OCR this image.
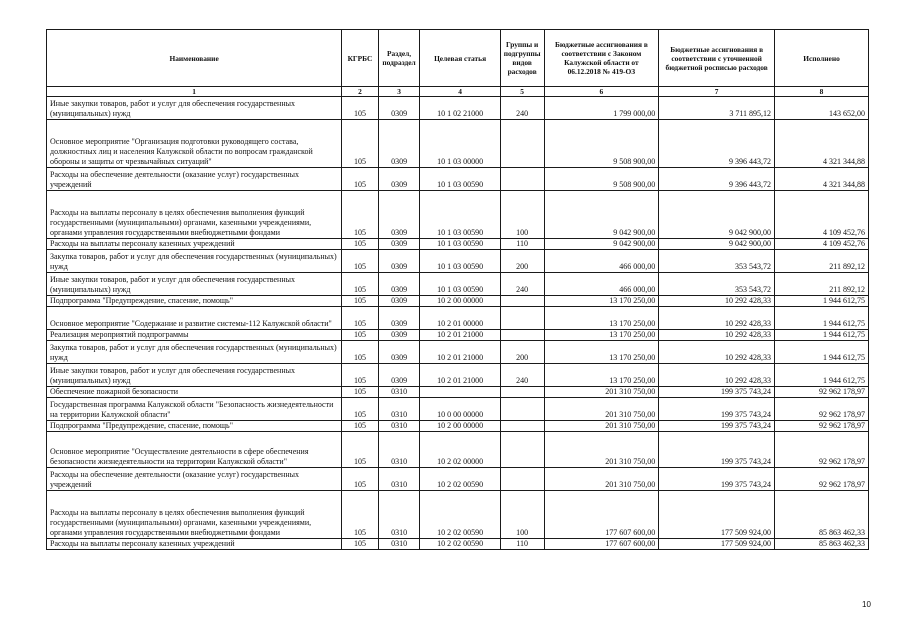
Наименование	КГРБС	Раздел, подраздел	Целевая статья	Группы и подгруппы видов расходов	Бюджетные ассигнования в соответствии с Законом Калужской области от 06.12.2018 № 419-ОЗ	Бюджетные ассигнования в соответствии с уточненной бюджетной росписью расходов	Исполнено
1	2	3	4	5	6	7	8
Иные закупки товаров, работ и услуг для обеспечения государственных (муниципальных) нужд	105	0309	10 1 02 21000	240	1 799 000,00	3 711 895,12	143 652,00
Основное мероприятие "Организация подготовки руководящего состава, должностных лиц и населения Калужской области по вопросам гражданской обороны и защиты от чрезвычайных ситуаций"	105	0309	10 1 03 00000		9 508 900,00	9 396 443,72	4 321 344,88
Расходы на обеспечение деятельности (оказание услуг) государственных учреждений	105	0309	10 1 03 00590		9 508 900,00	9 396 443,72	4 321 344,88
Расходы на выплаты персоналу в целях обеспечения выполнения функций государственными (муниципальными) органами, казенными учреждениями, органами управления государственными внебюджетными фондами	105	0309	10 1 03 00590	100	9 042 900,00	9 042 900,00	4 109 452,76
Расходы на выплаты персоналу казенных учреждений	105	0309	10 1 03 00590	110	9 042 900,00	9 042 900,00	4 109 452,76
Закупка товаров, работ и услуг для обеспечения государственных (муниципальных) нужд	105	0309	10 1 03 00590	200	466 000,00	353 543,72	211 892,12
Иные закупки товаров, работ и услуг для обеспечения государственных (муниципальных) нужд	105	0309	10 1 03 00590	240	466 000,00	353 543,72	211 892,12
Подпрограмма "Предупреждение, спасение, помощь"	105	0309	10 2 00 00000		13 170 250,00	10 292 428,33	1 944 612,75
Основное мероприятие "Содержание и развитие системы-112 Калужской области"	105	0309	10 2 01 00000		13 170 250,00	10 292 428,33	1 944 612,75
Реализация мероприятий подпрограммы	105	0309	10 2 01 21000		13 170 250,00	10 292 428,33	1 944 612,75
Закупка товаров, работ и услуг для обеспечения государственных (муниципальных) нужд	105	0309	10 2 01 21000	200	13 170 250,00	10 292 428,33	1 944 612,75
Иные закупки товаров, работ и услуг для обеспечения государственных (муниципальных) нужд	105	0309	10 2 01 21000	240	13 170 250,00	10 292 428,33	1 944 612,75
Обеспечение пожарной безопасности	105	0310			201 310 750,00	199 375 743,24	92 962 178,97
Государственная программа Калужской области "Безопасность жизнедеятельности на территории Калужской области"	105	0310	10 0 00 00000		201 310 750,00	199 375 743,24	92 962 178,97
Подпрограмма "Предупреждение, спасение, помощь"	105	0310	10 2 00 00000		201 310 750,00	199 375 743,24	92 962 178,97
Основное мероприятие "Осуществление деятельности в сфере обеспечения безопасности жизнедеятельности на территории Калужской области"	105	0310	10 2 02 00000		201 310 750,00	199 375 743,24	92 962 178,97
Расходы на обеспечение деятельности (оказание услуг) государственных учреждений	105	0310	10 2 02 00590		201 310 750,00	199 375 743,24	92 962 178,97
Расходы на выплаты персоналу в целях обеспечения выполнения функций государственными (муниципальными) органами, казенными учреждениями, органами управления государственными внебюджетными фондами	105	0310	10 2 02 00590	100	177 607 600,00	177 509 924,00	85 863 462,33
Расходы на выплаты персоналу казенных учреждений	105	0310	10 2 02 00590	110	177 607 600,00	177 509 924,00	85 863 462,33
10
